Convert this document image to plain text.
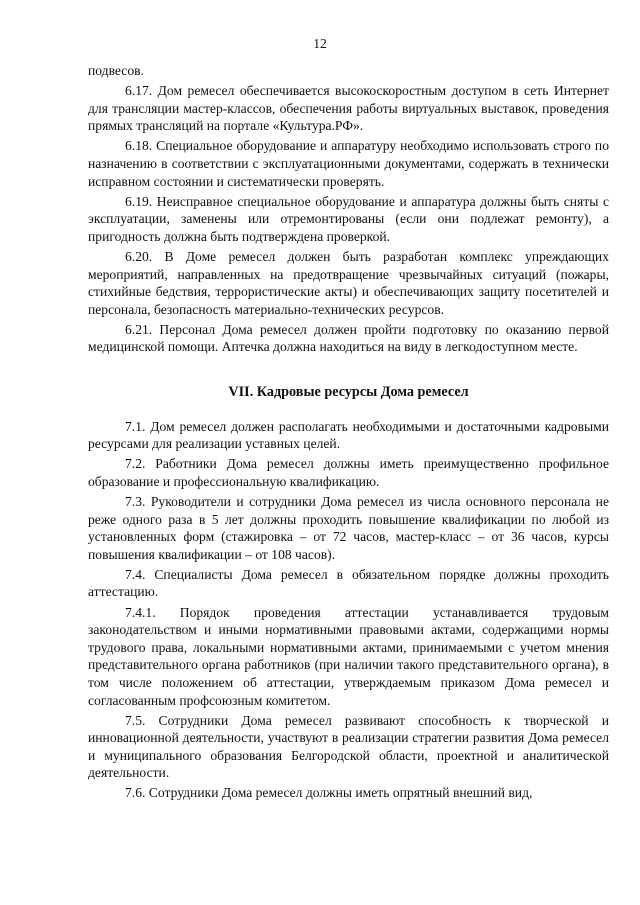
12

подвесов.

6.17. Дом ремесел обеспечивается высокоскоростным доступом в сеть Интернет для трансляции мастер-классов, обеспечения работы виртуальных выставок, проведения прямых трансляций на портале «Культура.РФ».

6.18. Специальное оборудование и аппаратуру необходимо использовать строго по назначению в соответствии с эксплуатационными документами, содержать в технически исправном состоянии и систематически проверять.

6.19. Неисправное специальное оборудование и аппаратура должны быть сняты с эксплуатации, заменены или отремонтированы (если они подлежат ремонту), а пригодность должна быть подтверждена проверкой.

6.20. В Доме ремесел должен быть разработан комплекс упреждающих мероприятий, направленных на предотвращение чрезвычайных ситуаций (пожары, стихийные бедствия, террористические акты) и обеспечивающих защиту посетителей и персонала, безопасность материально-технических ресурсов.

6.21. Персонал Дома ремесел должен пройти подготовку по оказанию первой медицинской помощи. Аптечка должна находиться на виду в легкодоступном месте.

VII. Кадровые ресурсы Дома ремесел

7.1. Дом ремесел должен располагать необходимыми и достаточными кадровыми ресурсами для реализации уставных целей.

7.2. Работники Дома ремесел должны иметь преимущественно профильное образование и профессиональную квалификацию.

7.3. Руководители и сотрудники Дома ремесел из числа основного персонала не реже одного раза в 5 лет должны проходить повышение квалификации по любой из установленных форм (стажировка – от 72 часов, мастер-класс – от 36 часов, курсы повышения квалификации – от 108 часов).

7.4. Специалисты Дома ремесел в обязательном порядке должны проходить аттестацию.

7.4.1. Порядок проведения аттестации устанавливается трудовым законодательством и иными нормативными правовыми актами, содержащими нормы трудового права, локальными нормативными актами, принимаемыми с учетом мнения представительного органа работников (при наличии такого представительного органа), в том числе положением об аттестации, утверждаемым приказом Дома ремесел и согласованным профсоюзным комитетом.

7.5. Сотрудники Дома ремесел развивают способность к творческой и инновационной деятельности, участвуют в реализации стратегии развития Дома ремесел и муниципального образования Белгородской области, проектной и аналитической деятельности.

7.6. Сотрудники Дома ремесел должны иметь опрятный внешний вид,
